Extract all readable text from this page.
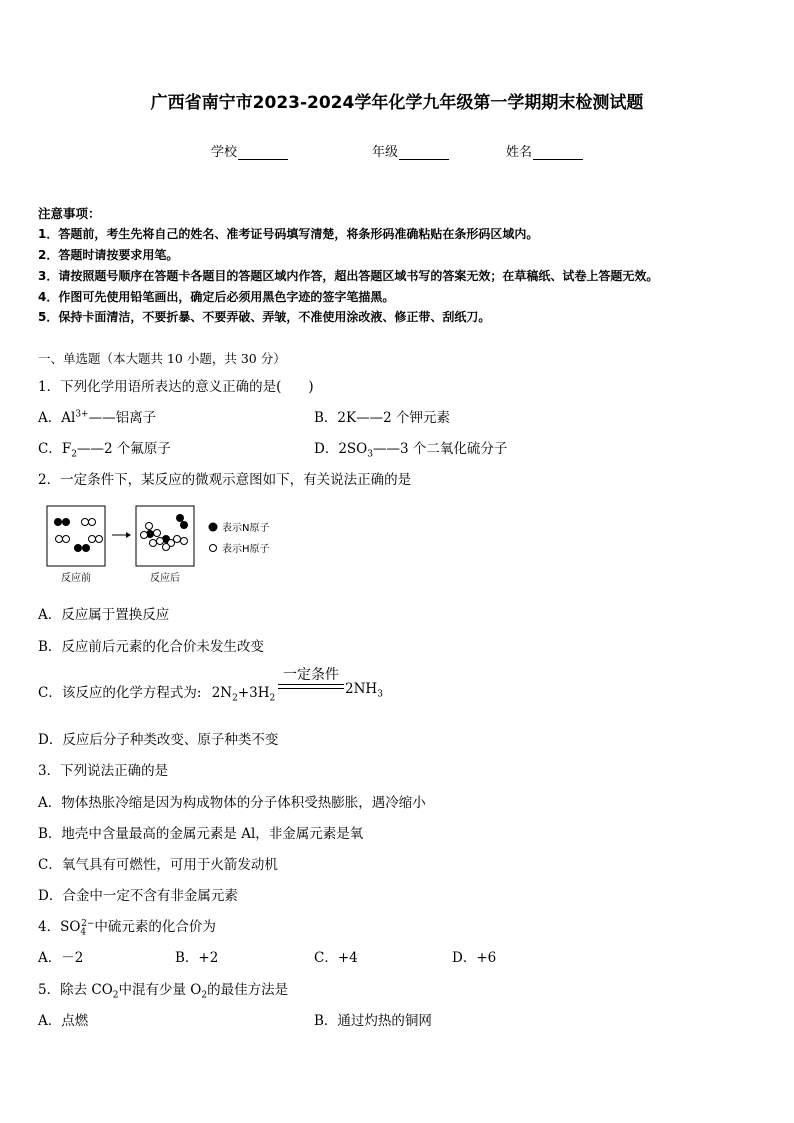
广西省南宁市2023-2024学年化学九年级第一学期期末检测试题
学校	年级	姓名
注意事项：
1．答题前，考生先将自己的姓名、准考证号码填写清楚，将条形码准确粘贴在条形码区域内。
2．答题时请按要求用笔。
3．请按照题号顺序在答题卡各题目的答题区域内作答，超出答题区域书写的答案无效；在草稿纸、试卷上答题无效。
4．作图可先使用铅笔画出，确定后必须用黑色字迹的签字笔描黑。
5．保持卡面清洁，不要折暴、不要弄破、弄皱，不准使用涂改液、修正带、刮纸刀。
一、单选题（本大题共 10 小题，共 30 分）
1．下列化学用语所表达的意义正确的是(　　)
A．$Al^{3+}——$铝离子	B．2K——2 个钾元素
C．$F_2——2$ 个氟原子	D．$2SO_3——3$ 个二氧化硫分子
2．一定条件下，某反应的微观示意图如下，有关说法正确的是
表示N原子
表示H原子
反应前	反应后
A．反应属于置换反应
B．反应前后元素的化合价未发生改变
C．该反应的化学方程式为: $2N_2+3H_2$
一定条件
$2NH_3$
D．反应后分子种类改变、原子种类不变
3．下列说法正确的是
A．物体热胀冷缩是因为构成物体的分子体积受热膨胀，遇冷缩小
B．地壳中含量最高的金属元素是 Al，非金属元素是氧
C．氧气具有可燃性，可用于火箭发动机
D．合金中一定不含有非金属元素
4．$SO_4^{2-}$中硫元素的化合价为
A．－2	B．+2	C．+4	D．+6
5．除去 $CO_2$中混有少量 $O_2$的最佳方法是
A．点燃	B．通过灼热的铜网
